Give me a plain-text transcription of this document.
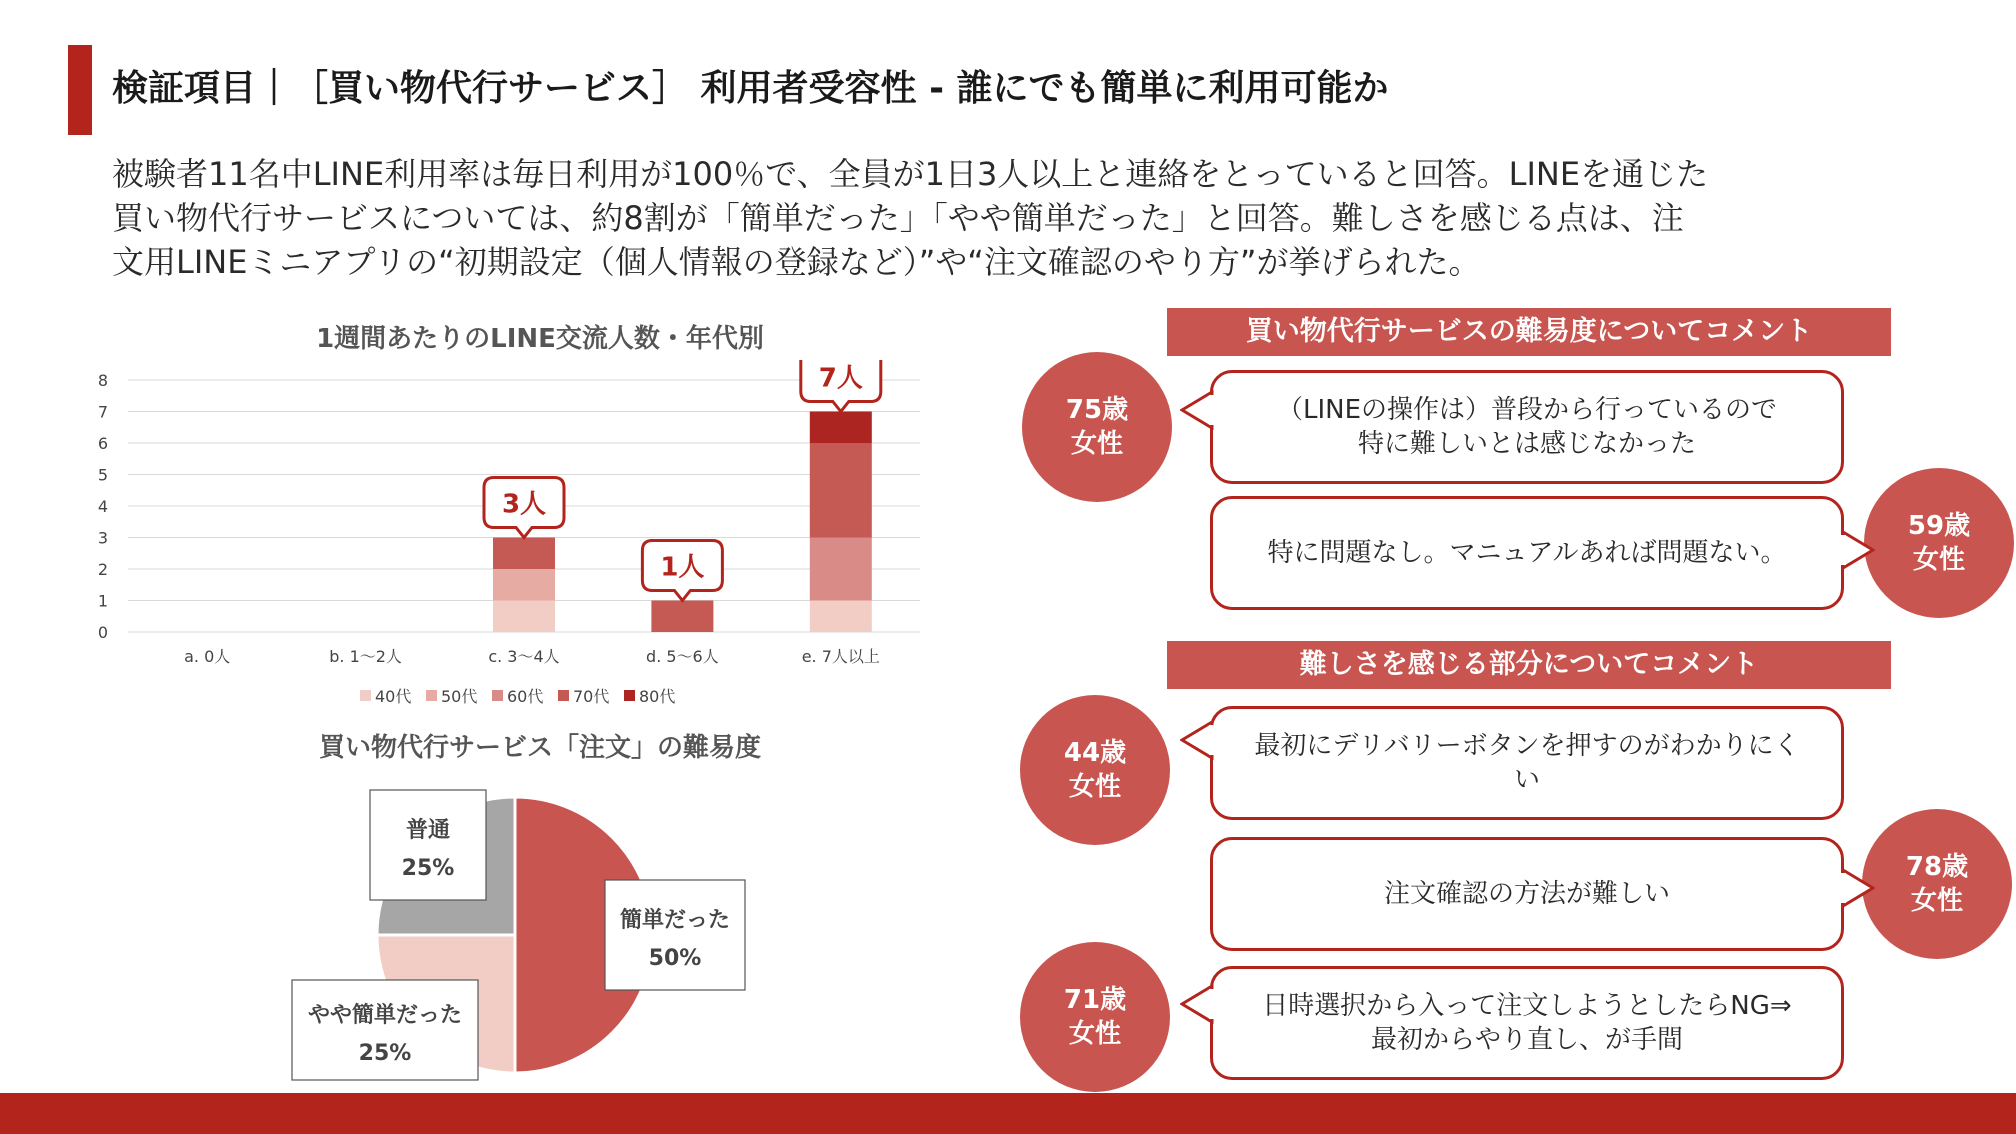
検証項目｜［買い物代行サービス］ 利用者受容性 - 誰にでも簡単に利用可能か

被験者11名中LINE利用率は毎日利用が100％で、全員が1日3人以上と連絡をとっていると回答。LINEを通じた

買い物代行サービスについては、約8割が「簡単だった」「やや簡単だった」と回答。難しさを感じる点は、注

文用LINEミニアプリの“初期設定（個人情報の登録など）”や“注文確認のやり方”が挙げられた。

1週間あたりのLINE交流人数・年代別
0
1
2
3
4
5
6
7
8
a. 0人	b. 1〜2人	c. 3〜4人
3人
d. 5〜6人
1人
e. 7人以上
7人
40代 50代 60代 70代 80代
買い物代行サービス「注文」の難易度
簡単だった
50%
やや簡単だった
25%
普通
25%
買い物代行サービスの難易度についてコメント
難しさを感じる部分についてコメント
75歳
女性
（LINEの操作は）普段から行っているので
特に難しいとは感じなかった
59歳
女性
特に問題なし。マニュアルあれば問題ない。
44歳
女性
最初にデリバリーボタンを押すのがわかりにく
い
78歳
女性
注文確認の方法が難しい
71歳
女性
日時選択から入って注文しようとしたらNG⇒
最初からやり直し、が手間
